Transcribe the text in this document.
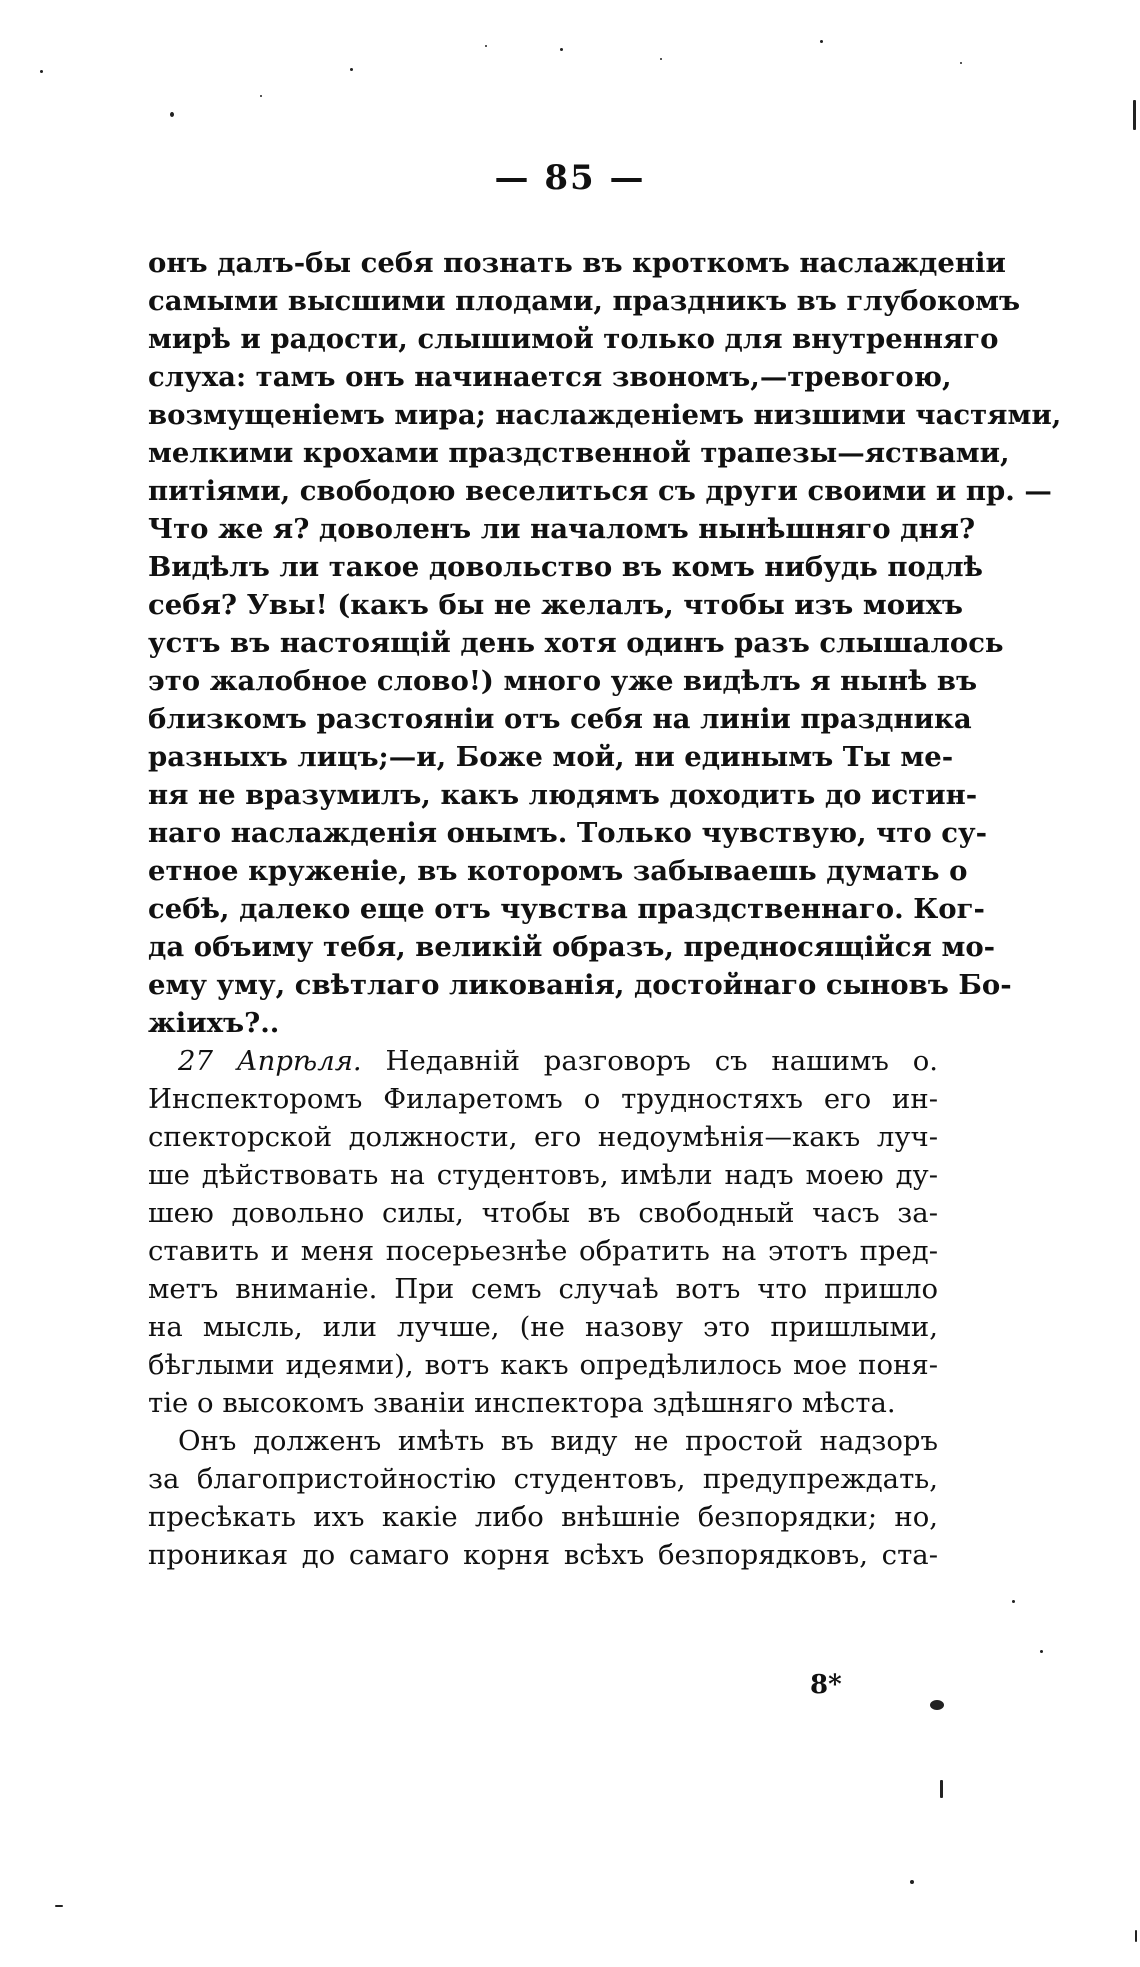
— 85 —
онъ далъ-бы себя познать въ кроткомъ наслажденіи
самыми высшими плодами, праздникъ въ глубокомъ
мирѣ и радости, слышимой только для внутренняго
слуха: тамъ онъ начинается звономъ,—тревогою,
возмущеніемъ мира; наслажденіемъ низшими частями,
мелкими крохами праздственной трапезы—яствами,
питіями, свободою веселиться съ други своими и пр. —
Что же я? доволенъ ли началомъ нынѣшняго дня?
Видѣлъ ли такое довольство въ комъ нибудь подлѣ
себя? Увы! (какъ бы не желалъ, чтобы изъ моихъ
устъ въ настоящій день хотя одинъ разъ слышалось
это жалобное слово!) много уже видѣлъ я нынѣ въ
близкомъ разстояніи отъ себя на линіи праздника
разныхъ лицъ;—и, Боже мой, ни единымъ Ты ме-
ня не вразумилъ, какъ людямъ доходить до истин-
наго наслажденія онымъ. Только чувствую, что су-
етное кружeніе, въ которомъ забываешь думать о
себѣ, далеко еще отъ чувства праздственнаго. Ког-
да объиму тебя, великій образъ, предносящійся мо-
ему уму, свѣтлаго ликованія, достойнаго сыновъ Бо-
жіихъ?..
27 Апрѣля. Недавній разговоръ съ нашимъ о.
Инспекторомъ Филаретомъ о трудностяхъ его ин-
спекторской должности, его недоумѣнія—какъ луч-
ше дѣйствовать на студентовъ, имѣли надъ моею ду-
шею довольно силы, чтобы въ свободный часъ за-
ставить и меня посерьезнѣе обратить на этотъ пред-
метъ вниманіе. При семъ случаѣ вотъ что пришло
на мысль, или лучше, (не назову это пришлыми,
бѣглыми идеями), вотъ какъ опредѣлилось мое поня-
тіе о высокомъ званіи инспектора здѣшняго мѣста.
Онъ долженъ имѣть въ виду не простой надзоръ
за благопристойностію студентовъ, предупреждать,
пресѣкать ихъ какіе либо внѣшніе безпорядки; но,
проникая до самаго корня всѣхъ безпорядковъ, ста-
8*
